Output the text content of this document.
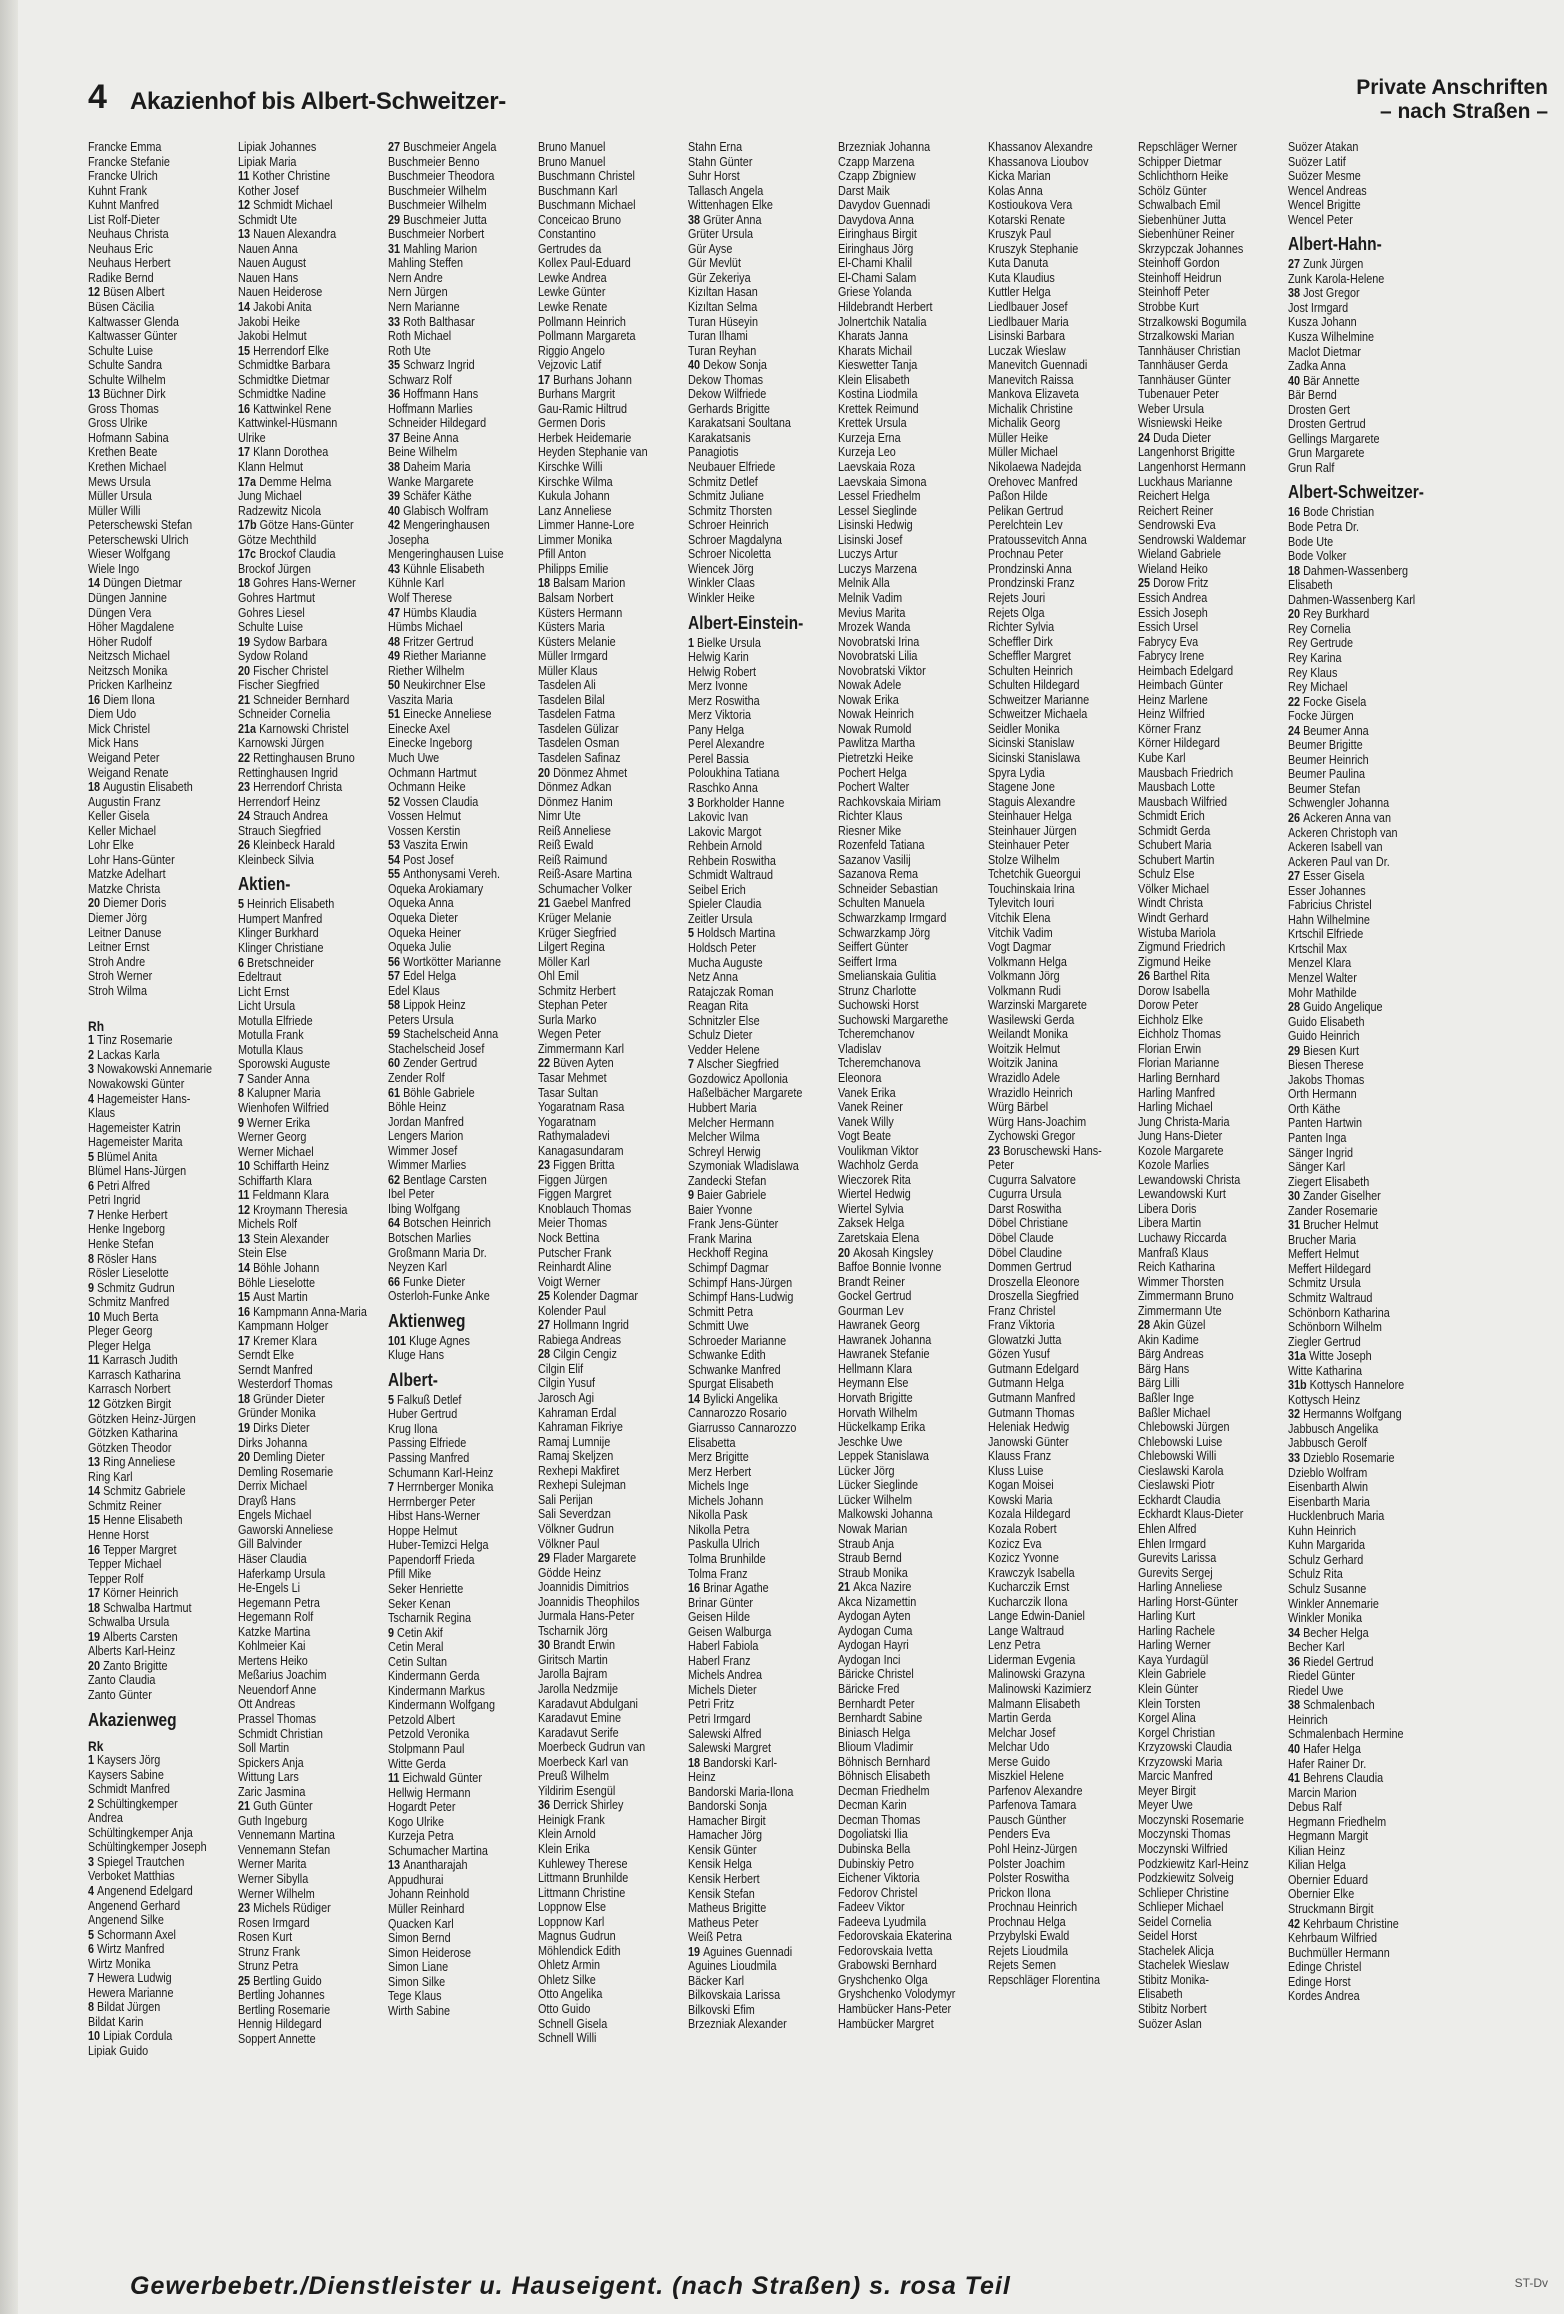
4 Akazienhof bis Albert-Schweitzer-
Private Anschriften
– nach Straßen –
Francke Emma
Francke Stefanie
Francke Ulrich
Kuhnt Frank
Kuhnt Manfred
List Rolf-Dieter
Neuhaus Christa
Neuhaus Eric
Neuhaus Herbert
Radike Bernd
12 Büsen Albert
Büsen Cäcilia
Kaltwasser Glenda
Kaltwasser Günter
Schulte Luise
Schulte Sandra
Schulte Wilhelm
13 Büchner Dirk
Gross Thomas
Gross Ulrike
Hofmann Sabina
Krethen Beate
Krethen Michael
Mews Ursula
Müller Ursula
Müller Willi
Peterschewski Stefan
Peterschewski Ulrich
Wieser Wolfgang
Wiele Ingo
14 Düngen Dietmar
Düngen Jannine
Düngen Vera
Höher Magdalene
Höher Rudolf
Neitzsch Michael
Neitzsch Monika
Pricken Karlheinz
16 Diem Ilona
Diem Udo
Mick Christel
Mick Hans
Weigand Peter
Weigand Renate
18 Augustin Elisabeth
Augustin Franz
Keller Gisela
Keller Michael
Lohr Elke
Lohr Hans-Günter
Matzke Adelhart
Matzke Christa
20 Diemer Doris
Diemer Jörg
Leitner Danuse
Leitner Ernst
Stroh Andre
Stroh Werner
Stroh Wilma

Rh
1 Tinz Rosemarie
2 Lackas Karla
3 Nowakowski Annemarie
Nowakowski Günter
4 Hagemeister Hans-
Klaus
Hagemeister Katrin
Hagemeister Marita
5 Blümel Anita
Blümel Hans-Jürgen
6 Petri Alfred
Petri Ingrid
7 Henke Herbert
Henke Ingeborg
Henke Stefan
8 Rösler Hans
Rösler Lieselotte
9 Schmitz Gudrun
Schmitz Manfred
10 Much Berta
Pleger Georg
Pleger Helga
11 Karrasch Judith
Karrasch Katharina
Karrasch Norbert
12 Götzken Birgit
Götzken Heinz-Jürgen
Götzken Katharina
Götzken Theodor
13 Ring Anneliese
Ring Karl
14 Schmitz Gabriele
Schmitz Reiner
15 Henne Elisabeth
Henne Horst
16 Tepper Margret
Tepper Michael
Tepper Rolf
17 Körner Heinrich
18 Schwalba Hartmut
Schwalba Ursula
19 Alberts Carsten
Alberts Karl-Heinz
20 Zanto Brigitte
Zanto Claudia
Zanto Günter
Akazienweg
Rk
1 Kaysers Jörg
Kaysers Sabine
Schmidt Manfred
2 Schültingkemper
Andrea
Schültingkemper Anja
Schültingkemper Joseph
3 Spiegel Trautchen
Verboket Matthias
4 Angenend Edelgard
Angenend Gerhard
Angenend Silke
5 Schormann Axel
6 Wirtz Manfred
Wirtz Monika
7 Hewera Ludwig
Hewera Marianne
8 Bildat Jürgen
Bildat Karin
10 Lipiak Cordula
Lipiak Guido
Lipiak Johannes
Lipiak Maria
11 Kother Christine
Kother Josef
12 Schmidt Michael
Schmidt Ute
13 Nauen Alexandra
Nauen Anna
Nauen August
Nauen Hans
Nauen Heiderose
14 Jakobi Anita
Jakobi Heike
Jakobi Helmut
15 Herrendorf Elke
Schmidtke Barbara
Schmidtke Dietmar
Schmidtke Nadine
16 Kattwinkel Rene
Kattwinkel-Hüsmann
Ulrike
17 Klann Dorothea
Klann Helmut
17a Demme Helma
Jung Michael
Radzewitz Nicola
17b Götze Hans-Günter
Götze Mechthild
17c Brockof Claudia
Brockof Jürgen
18 Gohres Hans-Werner
Gohres Hartmut
Gohres Liesel
Schulte Luise
19 Sydow Barbara
Sydow Roland
20 Fischer Christel
Fischer Siegfried
21 Schneider Bernhard
Schneider Cornelia
21a Karnowski Christel
Karnowski Jürgen
22 Rettinghausen Bruno
Rettinghausen Ingrid
23 Herrendorf Christa
Herrendorf Heinz
24 Strauch Andrea
Strauch Siegfried
26 Kleinbeck Harald
Kleinbeck Silvia
Aktien-
5 Heinrich Elisabeth
Humpert Manfred
Klinger Burkhard
Klinger Christiane
6 Bretschneider
Edeltraut
Licht Ernst
Licht Ursula
Motulla Elfriede
Motulla Frank
Motulla Klaus
Sporowski Auguste
7 Sander Anna
8 Kalupner Maria
Wienhofen Wilfried
9 Werner Erika
Werner Georg
Werner Michael
10 Schiffarth Heinz
Schiffarth Klara
11 Feldmann Klara
12 Kroymann Theresia
Michels Rolf
13 Stein Alexander
Stein Else
14 Böhle Johann
Böhle Lieselotte
15 Aust Martin
16 Kampmann Anna-Maria
Kampmann Holger
17 Kremer Klara
Serndt Elke
Serndt Manfred
Westerdorf Thomas
18 Gründer Dieter
Gründer Monika
19 Dirks Dieter
Dirks Johanna
20 Demling Dieter
Demling Rosemarie
Derrix Michael
Drayß Hans
Engels Michael
Gaworski Anneliese
Gill Balvinder
Häser Claudia
Haferkamp Ursula
He-Engels Li
Hegemann Petra
Hegemann Rolf
Katzke Martina
Kohlmeier Kai
Mertens Heiko
Meßarius Joachim
Neuendorf Anne
Ott Andreas
Prassel Thomas
Schmidt Christian
Soll Martin
Spickers Anja
Wittung Lars
Zaric Jasmina
21 Guth Günter
Guth Ingeburg
Vennemann Martina
Vennemann Stefan
Werner Marita
Werner Sibylla
Werner Wilhelm
23 Michels Rüdiger
Rosen Irmgard
Rosen Kurt
Strunz Frank
Strunz Petra
25 Bertling Guido
Bertling Johannes
Bertling Rosemarie
Hennig Hildegard
Soppert Annette
27 Buschmeier Angela
Buschmeier Benno
Buschmeier Theodora
Buschmeier Wilhelm
Buschmeier Wilhelm
29 Buschmeier Jutta
Buschmeier Norbert
31 Mahling Marion
Mahling Steffen
Nern Andre
Nern Jürgen
Nern Marianne
33 Roth Balthasar
Roth Michael
Roth Ute
35 Schwarz Ingrid
Schwarz Rolf
36 Hoffmann Hans
Hoffmann Marlies
Schneider Hildegard
37 Beine Anna
Beine Wilhelm
38 Daheim Maria
Wanke Margarete
39 Schäfer Käthe
40 Glabisch Wolfram
42 Mengeringhausen
Josepha
Mengeringhausen Luise
43 Kühnle Elisabeth
Kühnle Karl
Wolf Therese
47 Hümbs Klaudia
Hümbs Michael
48 Fritzer Gertrud
49 Riether Marianne
Riether Wilhelm
50 Neukirchner Else
Vaszita Maria
51 Einecke Anneliese
Einecke Axel
Einecke Ingeborg
Much Uwe
Ochmann Hartmut
Ochmann Heike
52 Vossen Claudia
Vossen Helmut
Vossen Kerstin
53 Vaszita Erwin
54 Post Josef
55 Anthonysami Vereh.
Oqueka Arokiamary
Oqueka Anna
Oqueka Dieter
Oqueka Heiner
Oqueka Julie
56 Wortkötter Marianne
57 Edel Helga
Edel Klaus
58 Lippok Heinz
Peters Ursula
59 Stachelscheid Anna
Stachelscheid Josef
60 Zender Gertrud
Zender Rolf
61 Böhle Gabriele
Böhle Heinz
Jordan Manfred
Lengers Marion
Wimmer Josef
Wimmer Marlies
62 Bentlage Carsten
Ibel Peter
Ibing Wolfgang
64 Botschen Heinrich
Botschen Marlies
Großmann Maria Dr.
Neyzen Karl
66 Funke Dieter
Osterloh-Funke Anke
Aktienweg
101 Kluge Agnes
Kluge Hans
Albert-
5 Falkuß Detlef
Huber Gertrud
Krug Ilona
Passing Elfriede
Passing Manfred
Schumann Karl-Heinz
7 Herrnberger Monika
Herrnberger Peter
Hibst Hans-Werner
Hoppe Helmut
Huber-Temizci Helga
Papendorff Frieda
Pfill Mike
Seker Henriette
Seker Kenan
Tscharnik Regina
9 Cetin Akif
Cetin Meral
Cetin Sultan
Kindermann Gerda
Kindermann Markus
Kindermann Wolfgang
Petzold Albert
Petzold Veronika
Stolpmann Paul
Witte Gerda
11 Eichwald Günter
Hellwig Hermann
Hogardt Peter
Kogo Ulrike
Kurzeja Petra
Schumacher Martina
13 Anantharajah
Appudhurai
Johann Reinhold
Müller Reinhard
Quacken Karl
Simon Bernd
Simon Heiderose
Simon Liane
Simon Silke
Tege Klaus
Wirth Sabine
Bruno Manuel
Bruno Manuel
Buschmann Christel
Buschmann Karl
Buschmann Michael
Conceicao Bruno
Constantino
Gertrudes da
Kollex Paul-Eduard
Lewke Andrea
Lewke Günter
Lewke Renate
Pollmann Heinrich
Pollmann Margareta
Riggio Angelo
Vejzovic Latif
17 Burhans Johann
Burhans Margrit
Gau-Ramic Hiltrud
Germen Doris
Herbek Heidemarie
Heyden Stephanie van
Kirschke Willi
Kirschke Wilma
Kukula Johann
Lanz Anneliese
Limmer Hanne-Lore
Limmer Monika
Pfill Anton
Philipps Emilie
18 Balsam Marion
Balsam Norbert
Küsters Hermann
Küsters Maria
Küsters Melanie
Müller Irmgard
Müller Klaus
Tasdelen Ali
Tasdelen Bilal
Tasdelen Fatma
Tasdelen Gülizar
Tasdelen Osman
Tasdelen Safinaz
20 Dönmez Ahmet
Dönmez Adkan
Dönmez Hanim
Nimr Ute
Reiß Anneliese
Reiß Ewald
Reiß Raimund
Reiß-Asare Martina
Schumacher Volker
21 Gaebel Manfred
Krüger Melanie
Krüger Siegfried
Lilgert Regina
Möller Karl
Ohl Emil
Schmitz Herbert
Stephan Peter
Surla Marko
Wegen Peter
Zimmermann Karl
22 Büven Ayten
Tasar Mehmet
Tasar Sultan
Yogaratnam Rasa
Yogaratnam
Rathymaladevi
Kanagasundaram
23 Figgen Britta
Figgen Jürgen
Figgen Margret
Knoblauch Thomas
Meier Thomas
Nock Bettina
Putscher Frank
Reinhardt Aline
Voigt Werner
25 Kolender Dagmar
Kolender Paul
27 Hollmann Ingrid
Rabiega Andreas
28 Cilgin Cengiz
Cilgin Elif
Cilgin Yusuf
Jarosch Agi
Kahraman Erdal
Kahraman Fikriye
Ramaj Lumnije
Ramaj Skeljzen
Rexhepi Makfiret
Rexhepi Sulejman
Sali Perijan
Sali Severdzan
Völkner Gudrun
Völkner Paul
29 Flader Margarete
Gödde Heinz
Joannidis Dimitrios
Joannidis Theophilos
Jurmala Hans-Peter
Tscharnik Jörg
30 Brandt Erwin
Giritsch Martin
Jarolla Bajram
Jarolla Nedzmije
Karadavut Abdulgani
Karadavut Emine
Karadavut Serife
Moerbeck Gudrun van
Moerbeck Karl van
Preuß Wilhelm
Yildirim Esengül
36 Derrick Shirley
Heinigk Frank
Klein Arnold
Klein Erika
Kuhlewey Therese
Littmann Brunhilde
Littmann Christine
Loppnow Else
Loppnow Karl
Magnus Gudrun
Möhlendick Edith
Ohletz Armin
Ohletz Silke
Otto Angelika
Otto Guido
Schnell Gisela
Schnell Willi
Stahn Erna
Stahn Günter
Suhr Horst
Tallasch Angela
Wittenhagen Elke
38 Grüter Anna
Grüter Ursula
Gür Ayse
Gür Mevlüt
Gür Zekeriya
Kizıltan Hasan
Kizıltan Selma
Turan Hüseyin
Turan Ilhami
Turan Reyhan
40 Dekow Sonja
Dekow Thomas
Dekow Wilfriede
Gerhards Brigitte
Karakatsani Soultana
Karakatsanis
Panagiotis
Neubauer Elfriede
Schmitz Detlef
Schmitz Juliane
Schmitz Thorsten
Schroer Heinrich
Schroer Magdalyna
Schroer Nicoletta
Wiencek Jörg
Winkler Claas
Winkler Heike
Albert-Einstein-
1 Bielke Ursula
Helwig Karin
Helwig Robert
Merz Ivonne
Merz Roswitha
Merz Viktoria
Pany Helga
Perel Alexandre
Perel Bassia
Poloukhina Tatiana
Raschko Anna
3 Borkholder Hanne
Lakovic Ivan
Lakovic Margot
Rehbein Arnold
Rehbein Roswitha
Schmidt Waltraud
Seibel Erich
Spieler Claudia
Zeitler Ursula
5 Holdsch Martina
Holdsch Peter
Mucha Auguste
Netz Anna
Ratajczak Roman
Reagan Rita
Schnitzler Else
Schulz Dieter
Vedder Helene
7 Alscher Siegfried
Gozdowicz Apollonia
Haßelbächer Margarete
Hubbert Maria
Melcher Hermann
Melcher Wilma
Schreyl Herwig
Szymoniak Wladislawa
Zandecki Stefan
9 Baier Gabriele
Baier Yvonne
Frank Jens-Günter
Frank Marina
Heckhoff Regina
Schimpf Dagmar
Schimpf Hans-Jürgen
Schimpf Hans-Ludwig
Schmitt Petra
Schmitt Uwe
Schroeder Marianne
Schwanke Edith
Schwanke Manfred
Spurgat Elisabeth
14 Bylicki Angelika
Cannarozzo Rosario
Giarrusso Cannarozzo
Elisabetta
Merz Brigitte
Merz Herbert
Michels Inge
Michels Johann
Nikolla Pask
Nikolla Petra
Paskulla Ulrich
Tolma Brunhilde
Tolma Franz
16 Brinar Agathe
Brinar Günter
Geisen Hilde
Geisen Walburga
Haberl Fabiola
Haberl Franz
Michels Andrea
Michels Dieter
Petri Fritz
Petri Irmgard
Salewski Alfred
Salewski Margret
18 Bandorski Karl-
Heinz
Bandorski Maria-Ilona
Bandorski Sonja
Hamacher Birgit
Hamacher Jörg
Kensik Günter
Kensik Helga
Kensik Herbert
Kensik Stefan
Matheus Brigitte
Matheus Peter
Weiß Petra
19 Aguines Guennadi
Aguines Lioudmila
Bäcker Karl
Bilkovskaia Larissa
Bilkovski Efim
Brzezniak Alexander
Brzezniak Johanna
Czapp Marzena
Czapp Zbigniew
Darst Maik
Davydov Guennadi
Davydova Anna
Eiringhaus Birgit
Eiringhaus Jörg
El-Chami Khalil
El-Chami Salam
Griese Yolanda
Hildebrandt Herbert
Jolnertchik Natalia
Kharats Janna
Kharats Michail
Kieswetter Tanja
Klein Elisabeth
Kostina Liodmila
Krettek Reimund
Krettek Ursula
Kurzeja Erna
Kurzeja Leo
Laevskaia Roza
Laevskaia Simona
Lessel Friedhelm
Lessel Sieglinde
Lisinski Hedwig
Lisinski Josef
Luczys Artur
Luczys Marzena
Melnik Alla
Melnik Vadim
Mevius Marita
Mrozek Wanda
Novobratski Irina
Novobratski Lilia
Novobratski Viktor
Nowak Adele
Nowak Erika
Nowak Heinrich
Nowak Rumold
Pawlitza Martha
Pietretzki Heike
Pochert Helga
Pochert Walter
Rachkovskaia Miriam
Richter Klaus
Riesner Mike
Rozenfeld Tatiana
Sazanov Vasilij
Sazanova Rema
Schneider Sebastian
Schulten Manuela
Schwarzkamp Irmgard
Schwarzkamp Jörg
Seiffert Günter
Seiffert Irma
Smelianskaia Gulitia
Strunz Charlotte
Suchowski Horst
Suchowski Margarethe
Tcheremchanov
Vladislav
Tcheremchanova
Eleonora
Vanek Erika
Vanek Reiner
Vanek Willy
Vogt Beate
Voulikman Viktor
Wachholz Gerda
Wieczorek Rita
Wiertel Hedwig
Wiertel Sylvia
Zaksek Helga
Zaretskaia Elena
20 Akosah Kingsley
Baffoe Bonnie Ivonne
Brandt Reiner
Gockel Gertrud
Gourman Lev
Hawranek Georg
Hawranek Johanna
Hawranek Stefanie
Hellmann Klara
Heymann Else
Horvath Brigitte
Horvath Wilhelm
Hückelkamp Erika
Jeschke Uwe
Leppek Stanislawa
Lücker Jörg
Lücker Sieglinde
Lücker Wilhelm
Malkowski Johanna
Nowak Marian
Straub Anja
Straub Bernd
Straub Monika
21 Akca Nazire
Akca Nizamettin
Aydogan Ayten
Aydogan Cuma
Aydogan Hayri
Aydogan Inci
Bäricke Christel
Bäricke Fred
Bernhardt Peter
Bernhardt Sabine
Biniasch Helga
Blioum Vladimir
Böhnisch Bernhard
Böhnisch Elisabeth
Decman Friedhelm
Decman Karin
Decman Thomas
Dogoliatski Ilia
Dubinska Bella
Dubinskiy Petro
Eichener Viktoria
Fedorov Christel
Fadeev Viktor
Fadeeva Lyudmila
Fedorovskaia Ekaterina
Fedorovskaia Ivetta
Grabowski Bernhard
Gryshchenko Olga
Gryshchenko Volodymyr
Hambücker Hans-Peter
Hambücker Margret
Khassanov Alexandre
Khassanova Lioubov
Kicka Marian
Kolas Anna
Kostioukova Vera
Kotarski Renate
Kruszyk Paul
Kruszyk Stephanie
Kuta Danuta
Kuta Klaudius
Kuttler Helga
Liedlbauer Josef
Liedlbauer Maria
Lisinski Barbara
Luczak Wieslaw
Manevitch Guennadi
Manevitch Raissa
Mankova Elizaveta
Michalik Christine
Michalik Georg
Müller Heike
Müller Michael
Nikolaewa Nadejda
Orehovec Manfred
Paßon Hilde
Pelikan Gertrud
Perelchtein Lev
Pratoussevitch Anna
Prochnau Peter
Prondzinski Anna
Prondzinski Franz
Rejets Jouri
Rejets Olga
Richter Sylvia
Scheffler Dirk
Scheffler Margret
Schulten Heinrich
Schulten Hildegard
Schweitzer Marianne
Schweitzer Michaela
Seidler Monika
Sicinski Stanislaw
Sicinski Stanislawa
Spyra Lydia
Stagene Jone
Staguis Alexandre
Steinhauer Helga
Steinhauer Jürgen
Steinhauer Peter
Stolze Wilhelm
Tchetchik Gueorgui
Touchinskaia Irina
Tylevitch Iouri
Vitchik Elena
Vitchik Vadim
Vogt Dagmar
Volkmann Helga
Volkmann Jörg
Volkmann Rudi
Warzinski Margarete
Wasilewski Gerda
Weilandt Monika
Woitzik Helmut
Woitzik Janina
Wrazidlo Adele
Wrazidlo Heinrich
Würg Bärbel
Würg Hans-Joachim
Zychowski Gregor
23 Boruschewski Hans-
Peter
Cugurra Salvatore
Cugurra Ursula
Darst Roswitha
Döbel Christiane
Döbel Claude
Döbel Claudine
Dommen Gertrud
Droszella Eleonore
Droszella Siegfried
Franz Christel
Franz Viktoria
Glowatzki Jutta
Gözen Yusuf
Gutmann Edelgard
Gutmann Helga
Gutmann Manfred
Gutmann Thomas
Heleniak Hedwig
Janowski Günter
Klauss Franz
Kluss Luise
Kogan Moisei
Kowski Maria
Kozala Hildegard
Kozala Robert
Kozicz Eva
Kozicz Yvonne
Krawczyk Isabella
Kucharczik Ernst
Kucharczik Ilona
Lange Edwin-Daniel
Lange Waltraud
Lenz Petra
Liderman Evgenia
Malinowski Grazyna
Malinowski Kazimierz
Malmann Elisabeth
Martin Gerda
Melchar Josef
Melchar Udo
Merse Guido
Miszkiel Helene
Parfenov Alexandre
Parfenova Tamara
Pausch Günther
Penders Eva
Pohl Heinz-Jürgen
Polster Joachim
Polster Roswitha
Prickon Ilona
Prochnau Heinrich
Prochnau Helga
Przybylski Ewald
Rejets Lioudmila
Rejets Semen
Repschläger Florentina
Repschläger Werner
Schipper Dietmar
Schlichthorn Heike
Schölz Günter
Schwalbach Emil
Siebenhüner Jutta
Siebenhüner Reiner
Skrzypczak Johannes
Steinhoff Gordon
Steinhoff Heidrun
Steinhoff Peter
Strobbe Kurt
Strzalkowski Bogumila
Strzalkowski Marian
Tannhäuser Christian
Tannhäuser Gerda
Tannhäuser Günter
Tubenauer Peter
Weber Ursula
Wisniewski Heike
24 Duda Dieter
Langenhorst Brigitte
Langenhorst Hermann
Luckhaus Marianne
Reichert Helga
Reichert Reiner
Sendrowski Eva
Sendrowski Waldemar
Wieland Gabriele
Wieland Heiko
25 Dorow Fritz
Essich Andrea
Essich Joseph
Essich Ursel
Fabrycy Eva
Fabrycy Irene
Heimbach Edelgard
Heimbach Günter
Heinz Marlene
Heinz Wilfried
Körner Franz
Körner Hildegard
Kube Karl
Mausbach Friedrich
Mausbach Lotte
Mausbach Wilfried
Schmidt Erich
Schmidt Gerda
Schubert Maria
Schubert Martin
Schulz Else
Völker Michael
Windt Christa
Windt Gerhard
Wistuba Mariola
Zigmund Friedrich
Zigmund Heike
26 Barthel Rita
Dorow Isabella
Dorow Peter
Eichholz Elke
Eichholz Thomas
Florian Erwin
Florian Marianne
Harling Bernhard
Harling Manfred
Harling Michael
Jung Christa-Maria
Jung Hans-Dieter
Kozole Margarete
Kozole Marlies
Lewandowski Christa
Lewandowski Kurt
Libera Doris
Libera Martin
Luchawy Riccarda
Manfraß Klaus
Reich Katharina
Wimmer Thorsten
Zimmermann Bruno
Zimmermann Ute
28 Akin Güzel
Akin Kadime
Bärg Andreas
Bärg Hans
Bärg Lilli
Baßler Inge
Baßler Michael
Chlebowski Jürgen
Chlebowski Luise
Chlebowski Willi
Cieslawski Karola
Cieslawski Piotr
Eckhardt Claudia
Eckhardt Klaus-Dieter
Ehlen Alfred
Ehlen Irmgard
Gurevits Larissa
Gurevits Sergej
Harling Anneliese
Harling Horst-Günter
Harling Kurt
Harling Rachele
Harling Werner
Kaya Yurdagül
Klein Gabriele
Klein Günter
Klein Torsten
Korgel Alina
Korgel Christian
Krzyzowski Claudia
Krzyzowski Maria
Marcic Manfred
Meyer Birgit
Meyer Uwe
Moczynski Rosemarie
Moczynski Thomas
Moczynski Wilfried
Podzkiewitz Karl-Heinz
Podzkiewitz Solveig
Schlieper Christine
Schlieper Michael
Seidel Cornelia
Seidel Horst
Stachelek Alicja
Stachelek Wieslaw
Stibitz Monika-
Elisabeth
Stibitz Norbert
Suözer Aslan
Suözer Atakan
Suözer Latif
Suözer Mesme
Wencel Andreas
Wencel Brigitte
Wencel Peter
Albert-Hahn-
27 Zunk Jürgen
Zunk Karola-Helene
38 Jost Gregor
Jost Irmgard
Kusza Johann
Kusza Wilhelmine
Maclot Dietmar
Zadka Anna
40 Bär Annette
Bär Bernd
Drosten Gert
Drosten Gertrud
Gellings Margarete
Grun Margarete
Grun Ralf
Albert-Schweitzer-
16 Bode Christian
Bode Petra Dr.
Bode Ute
Bode Volker
18 Dahmen-Wassenberg
Elisabeth
Dahmen-Wassenberg Karl
20 Rey Burkhard
Rey Cornelia
Rey Gertrude
Rey Karina
Rey Klaus
Rey Michael
22 Focke Gisela
Focke Jürgen
24 Beumer Anna
Beumer Brigitte
Beumer Heinrich
Beumer Paulina
Beumer Stefan
Schwengler Johanna
26 Ackeren Anna van
Ackeren Christoph van
Ackeren Isabell van
Ackeren Paul van Dr.
27 Esser Gisela
Esser Johannes
Fabricius Christel
Hahn Wilhelmine
Krtschil Elfriede
Krtschil Max
Menzel Klara
Menzel Walter
Mohr Mathilde
28 Guido Angelique
Guido Elisabeth
Guido Heinrich
29 Biesen Kurt
Biesen Therese
Jakobs Thomas
Orth Hermann
Orth Käthe
Panten Hartwin
Panten Inga
Sänger Ingrid
Sänger Karl
Ziegert Elisabeth
30 Zander Giselher
Zander Rosemarie
31 Brucher Helmut
Brucher Maria
Meffert Helmut
Meffert Hildegard
Schmitz Ursula
Schmitz Waltraud
Schönborn Katharina
Schönborn Wilhelm
Ziegler Gertrud
31a Witte Joseph
Witte Katharina
31b Kottysch Hannelore
Kottysch Heinz
32 Hermanns Wolfgang
Jabbusch Angelika
Jabbusch Gerolf
33 Dzieblo Rosemarie
Dzieblo Wolfram
Eisenbarth Alwin
Eisenbarth Maria
Hucklenbruch Maria
Kuhn Heinrich
Kuhn Margarida
Schulz Gerhard
Schulz Rita
Schulz Susanne
Winkler Annemarie
Winkler Monika
34 Becher Helga
Becher Karl
36 Riedel Gertrud
Riedel Günter
Riedel Uwe
38 Schmalenbach
Heinrich
Schmalenbach Hermine
40 Hafer Helga
Hafer Rainer Dr.
41 Behrens Claudia
Marcin Marion
Debus Ralf
Hegmann Friedhelm
Hegmann Margit
Kilian Heinz
Kilian Helga
Obernier Eduard
Obernier Elke
Struckmann Birgit
42 Kehrbaum Christine
Kehrbaum Wilfried
Buchmüller Hermann
Edinge Christel
Edinge Horst
Kordes Andrea
Gewerbebetr./Dienstleister u. Hauseigent. (nach Straßen) s. rosa Teil	ST-Dv
